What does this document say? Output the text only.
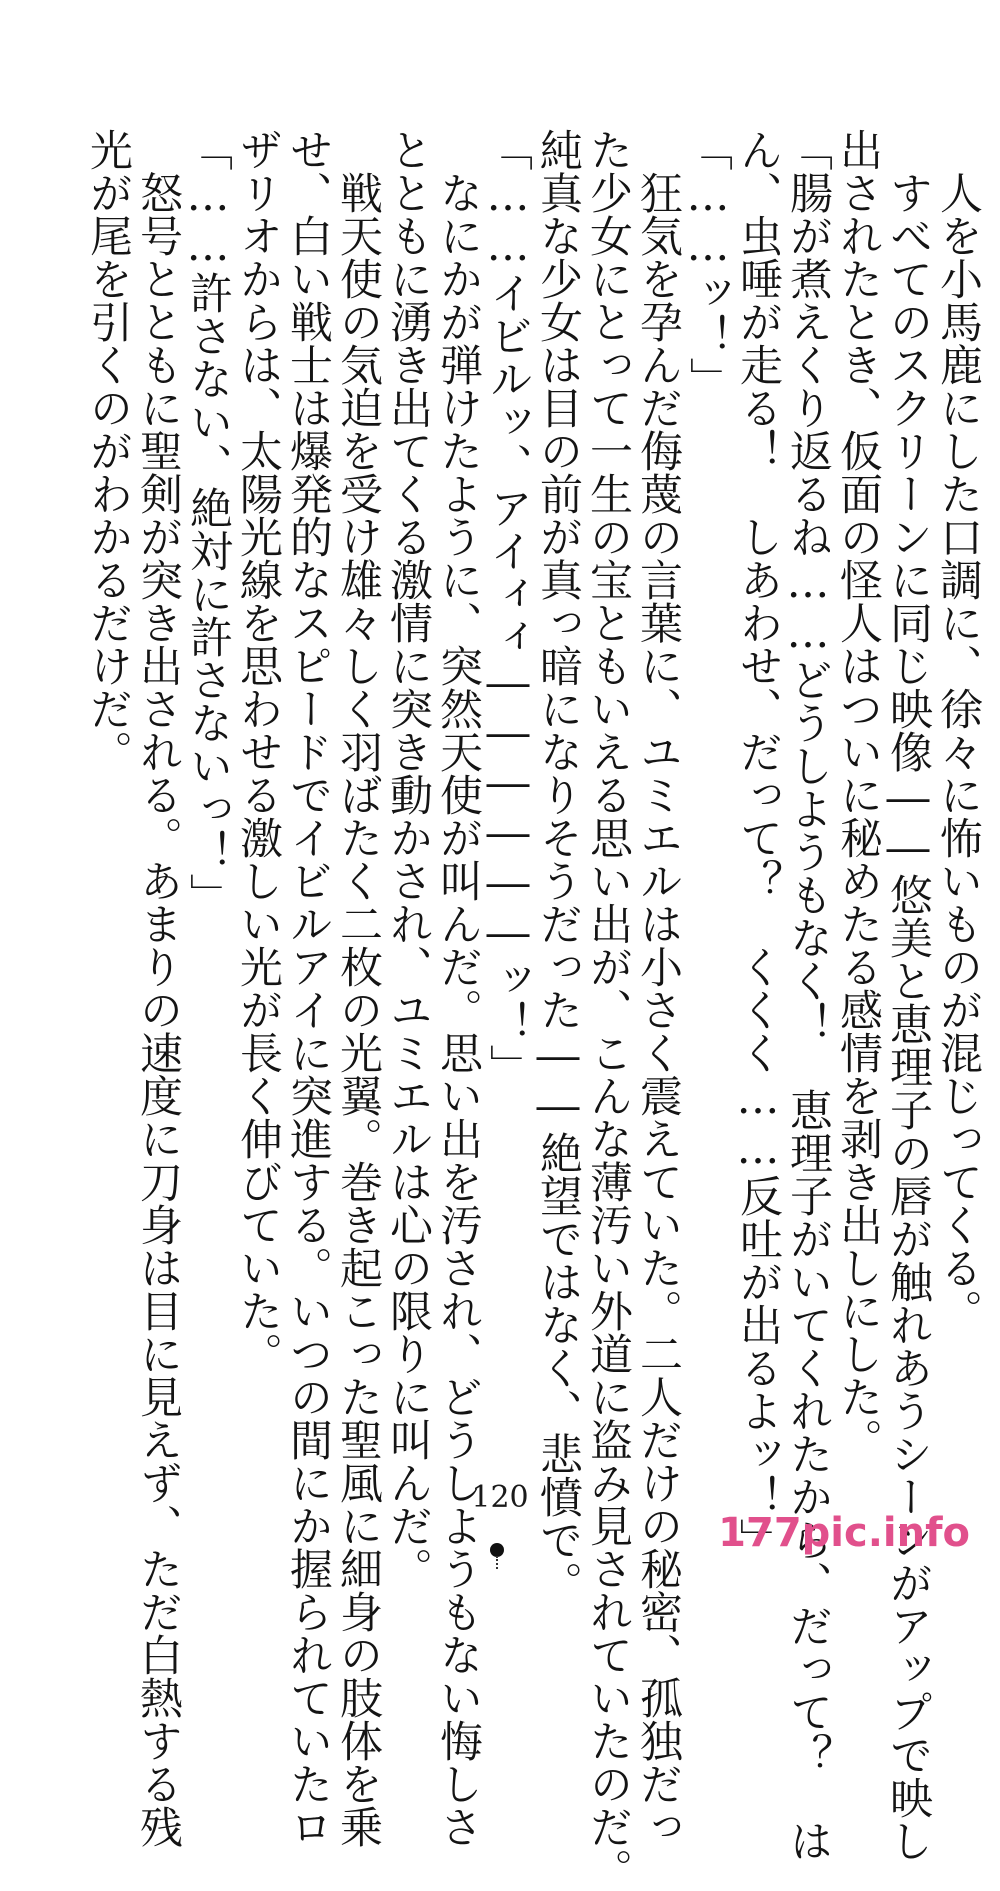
　人を小馬鹿にした口調に、徐々に怖いものが混じってくる。
　すべてのスクリーンに同じ映像――悠美と恵理子の唇が触れあうシーンがアップで映し
出されたとき、仮面の怪人はついに秘めたる感情を剥き出しにした。
「腸が煮えくり返るね……どうしようもなく！　恵理子がいてくれたから、だって？　は
ん、虫唾が走る！　しあわせ、だって？　くくく……反吐が出るよッ！」
「……ッ！」
　狂気を孕んだ侮蔑の言葉に、ユミエルは小さく震えていた。二人だけの秘密、孤独だっ
た少女にとって一生の宝ともいえる思い出が、こんな薄汚い外道に盗み見されていたのだ。
純真な少女は目の前が真っ暗になりそうだった――絶望ではなく、悲憤で。
「……イビルッ、アイィィ――――――ッ！」
　なにかが弾けたように、突然天使が叫んだ。思い出を汚され、どうしようもない悔しさ
とともに湧き出てくる激情に突き動かされ、ユミエルは心の限りに叫んだ。
　戦天使の気迫を受け雄々しく羽ばたく二枚の光翼。巻き起こった聖風に細身の肢体を乗
せ、白い戦士は爆発的なスピードでイビルアイに突進する。いつの間にか握られていたロ
ザリオからは、太陽光線を思わせる激しい光が長く伸びていた。
「……許さない、絶対に許さないっ！」
　怒号とともに聖剣が突き出される。あまりの速度に刀身は目に見えず、ただ白熱する残
光が尾を引くのがわかるだけだ。
120
177pic.info
